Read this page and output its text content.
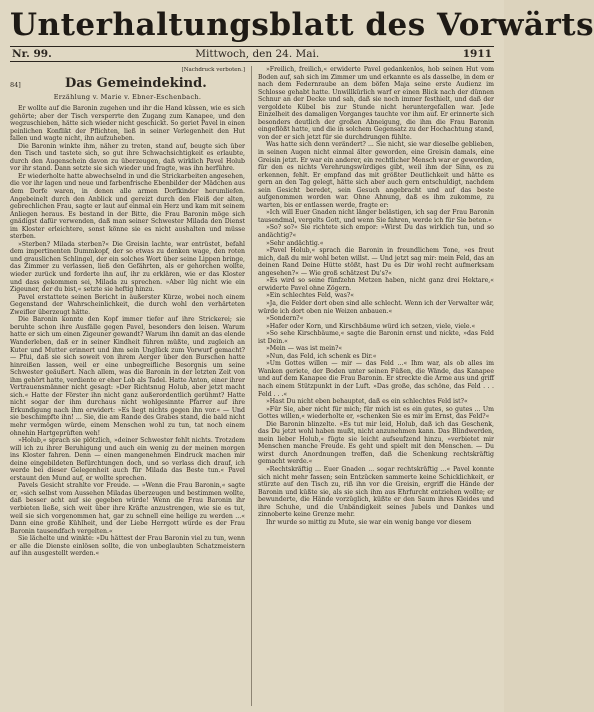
Unterhaltungsblatt des Vorwärts
Nr. 99.	Mittwoch, den 24. Mai.	1911
[Nachdruck verboten.]
84]	Das Gemeindekind.
Erzählung v. Marie v. Ebner-Eschenbach.

Er wollte auf die Baronin zugehen und ihr die Hand küssen, wie es sich gehörte; aber der Tisch versperrte den Zugang zum Kanapee, und den wegzuschieben, hätte sich wieder nicht geschickt. So geriet Pavel in einen peinlichen Konflikt der Pflichten, ließ in seiner Verlegenheit den Hut fallen und wagte nicht, ihn aufzuheben.

Die Baronin winkte ihm, näher zu treten, stand auf, beugte sich über den Tisch und tastete sich, so gut ihre Schwachsichtigkeit es erlaubte, durch den Augenschein davon zu überzeugen, daß wirklich Pavel Holub vor ihr stand. Dann setzte sie sich wieder und fragte, was ihn herführe.

Er wiederholte hatte abwechselnd in und die Strickarbeiten angesehen, die vor ihr lagen und neue und farbenfrische Ebenbilder der Mädchen aus dem Dorfe waren, in denen alle armen Dorfkinder herumliefen. Angebeinelt durch den Anblick und gereizt durch den Fleiß der alten, gebrechlichen Frau, sagte er laut auf einmal ein Herz und kam mit seinem Anliegen heraus. Es bestand in der Bitte, die Frau Baronin möge sich gnädigst dafür verwenden, daß man seiner Schwester Milada den Dienst im Kloster erleichtere, sonst könne sie es nicht aushalten und müsse sterben.

»Sterben? Milada sterben?« Die Greisin lachte, war entrüstet, befahl dem impertinenten Dummkopf, der so etwas zu denken wage, den roten und grauslichen Schlingel, der ein solches Wort über seine Lippen bringe, das Zimmer zu verlassen, ließ den Gefährten, als er gehorchen wollte, wieder zurück und forderte ihn auf, ihr zu erklären, wie er das Kloster und dass gekommen sei, Milada zu sprechen. »Aber lüg nicht wie ein Zigeuner, der du bist,« setzte sie heftig hinzu.

Pavel erstattete seinen Bericht in äußerster Kürze, wobei noch einem Gegenstand der Wahrscheinlichkeit, die durch wohl den verhärteten Zweifler überzeugt hätte.

Die Baronin konnte den Kopf immer tiefer auf ihre Strickerei; sie beruhte schon ihre Ausfälle gegen Pavel, besonders den leisen. Warum hatte er sich um einen Zigeuner gewandt? Warum ihn damit an das elende Wanderleben, daß er in seiner Kindheit führen müßte, und zugleich an Kuter und Mutter erinnert und ihm sein Unglück zum Vorwurf gemacht? — Pfui, daß sie sich soweit von ihrem Aerger über den Burschen hatte hinreißen lassen, weil er eine unbegreifliche Besorgnis um seine Schwester geäußert. Nach allem, was die Baronin in der letzten Zeit von ihm gehört hatte, verdiente er eher Lob als Tadel. Hatte Anton, einer ihrer Vertrauensmänner nicht gesagt: »Der Richtsnug Holub, aber jetzt macht sich.« Hatte der Förster ihn nicht ganz außerordentlich gerühmt? Hatte nicht sogar der ihm durchaus nicht wohlgesinnte Pfarrer auf ihre Erkundigung nach ihm erwidert: »Es liegt nichts gegen ihn vor.« — Und sie beschimpfte ihn! ... Sie, die am Rande des Grabes stand, die bald nicht mehr vermögen würde, einem Menschen wohl zu tun, tat noch einem ohnehin Hartgeprüften weh!

»Holub,« sprach sie plötzlich, »deiner Schwester fehlt nichts. Trotzdem will ich zu ihrer Beruhigung und auch ein wenig zu der meinen morgen ins Kloster fahren. Denn — einen mangenehmen Eindruck machen mir deine eingebildeten Befürchtungen doch, und so verlass dich drauf, ich werde bei dieser Gelegenheit auch für Milada das Beste tun.« Pavel erstaunt den Mund auf, er wollte sprechen.

Pavels Gesicht strahlte vor Freude. — »Wenn die Frau Baronin,« sagte er, »sich selbst vom Aussehen Miladas überzeugen und bestimmen wollte, daß besser acht auf sie gegeben würde! Wenn die Frau Baronin ihr verbieten ließe, sich weit über ihre Kräfte anzustrengen, wie sie es tut, weil sie sich vorgenommen hat, gar zu schnell eine heilige zu werden ...« Dann eine große Kühlheit, und der Liebe Herrgott würde es der Frau Baronin tausendfach vergelten.«

Sie lächelte und winkte: »Du hättest der Frau Baronin viel zu tun, wenn er alle die Dienste einlösen sollte, die von unbeglaubten Schatzmeistern auf ihn ausgestellt werden.«

»Freilich, freilich,« erwiderte Pavel gedankenlos, hob seinen Hut vom Boden auf, sah sich im Zimmer um und erkannte es als dasselbe, in dem er nach dem Federnraube an dem böfen Maja seine erste Audienz im Schlosse gehabt hatte. Unwillkürlich warf er einen Blick nach der dünnen Schnur an der Decke und sah, daß sie noch immer festhielt, und daß der vergoldete Kübel bis zur Stunde nicht heruntergefallen war. Jede Einzelheit des damaligen Vorganges tauchte vor ihm auf. Er erinnerte sich besonders deutlich der großen Abneigung, die ihm die Frau Baronin eingeflößt hatte, und die in solchem Gegensatz zu der Hochachtung stand, von der er sich jetzt für sie durchdrungen fühlte.

Was hatte sich denn verändert? ... Sie nicht, sie war dieselbe geblieben, in seinen Augen nicht einmal älter geworden, eine Greisin damals, eine Greisin jetzt. Er war ein anderer, ein rechtlicher Mensch war er geworden, für den es nichts Verehrungswürdiges gibt, weil ihm der Sinn, es zu erkennen, fehlt. Er empfand das mit größter Deutlichkeit und hätte es gern an den Tag gelegt, hätte sich aber auch gern entschuldigt, nachdem sein Gesicht beredet, sein Gesuch angebracht und auf das beste aufgenommen worden war. Ohne Ahnung, daß es ihm zukomme, zu warten, bis er entlassen werde, fragte er:

»Ich will Euer Gnaden nicht länger belästigen, ich sag der Frau Baronin tausendmal, vergelts Gott, und wenn Sie fahren, werde ich für Sie beten.«

»So? so?« Sie richtete sich empor: »Wirst Du das wirklich tun, und so andächtig?«

»Sehr andächtig.«

»Pavel Holub,« sprach die Baronin in freundlichem Tone, »es freut mich, daß du mir wohl beten willst. — Und jetzt sag mir: mein Feld, das an deinen Rand Deine Hütte stößt, hast Du es Dir wohl recht aufmerksam angesehen?« — Wie groß schätzest Du's?«

»Es wird so seine fünfzehn Metzen haben, nicht ganz drei Hektare,« erwiderte Pavel ohne Zögern.

»Ein schlechtes Feld, was?«

»Ja, die Felder dort oben sind alle schlecht. Wenn ich der Verwalter wär, würde ich dort oben nie Weizen anbauen.«

»Sondern?«

»Hafer oder Korn, und Kirschbäume würd ich setzen, viele, viele.«

»So sehe Kirschbäume,« sagte die Baronin ernst und nickte, »das Feld ist Dein.«

»Mein — was ist mein?«

»Nun, das Feld, ich schenk es Dir.«

»Um Gottes willen — mir — das Feld ...« Ihm war, als ob alles im Wanken geriete, der Boden unter seinen Füßen, die Wände, das Kanapee und auf dem Kanapee die Frau Baronin. Er streckte die Arme aus und griff nach einem Stützpunkt in der Luft. »Das große, das schöne, das Feld . . . Feld . . .«

»Hast Du nicht eben behauptet, daß es ein schlechtes Feld ist?«

»Für Sie, aber nicht für mich; für mich ist es ein gutes, so gutes ... Um Gottes willen,« wiederholte er, »schenken Sie es mir im Ernst, das Feld?«

Die Baronin blinzelte. »Es tut mir leid, Holub, daß ich das Geschenk, das Du jetzt wohl haben mußt, nicht anzunehmen kann. Das Blindwerden, mein lieber Holub,« fügte sie leicht aufseufzend hinzu, »verbietet mir Menschen manche Freude. Es geht und spielt mit den Menschen. — Du wirst durch Anordnungen treffen, daß die Schenkung rechtskräftig gemacht werde.«

»Rechtskräftig ... Euer Gnaden ... sogar rechtskräftig ...« Pavel konnte sich nicht mehr fassen; sein Entzücken sammerte keine Schicklichkeit, er stürzte auf den Tisch zu, riß ihn vor die Greisin, ergriff die Hände der Baronin und küßte sie, als sie sich ihm aus Ehrfurcht entziehen wollte; er bewunderte, die Hände vorzüglich, küßte er den Saum ihres Kleides und ihre Schuhe, und die Unbändigkeit seines Jubels und Dankes und zinnoberte keine Grenze mehr.

Ihr wurde so mittig zu Mute, sie war ein wenig bange vor diesem
